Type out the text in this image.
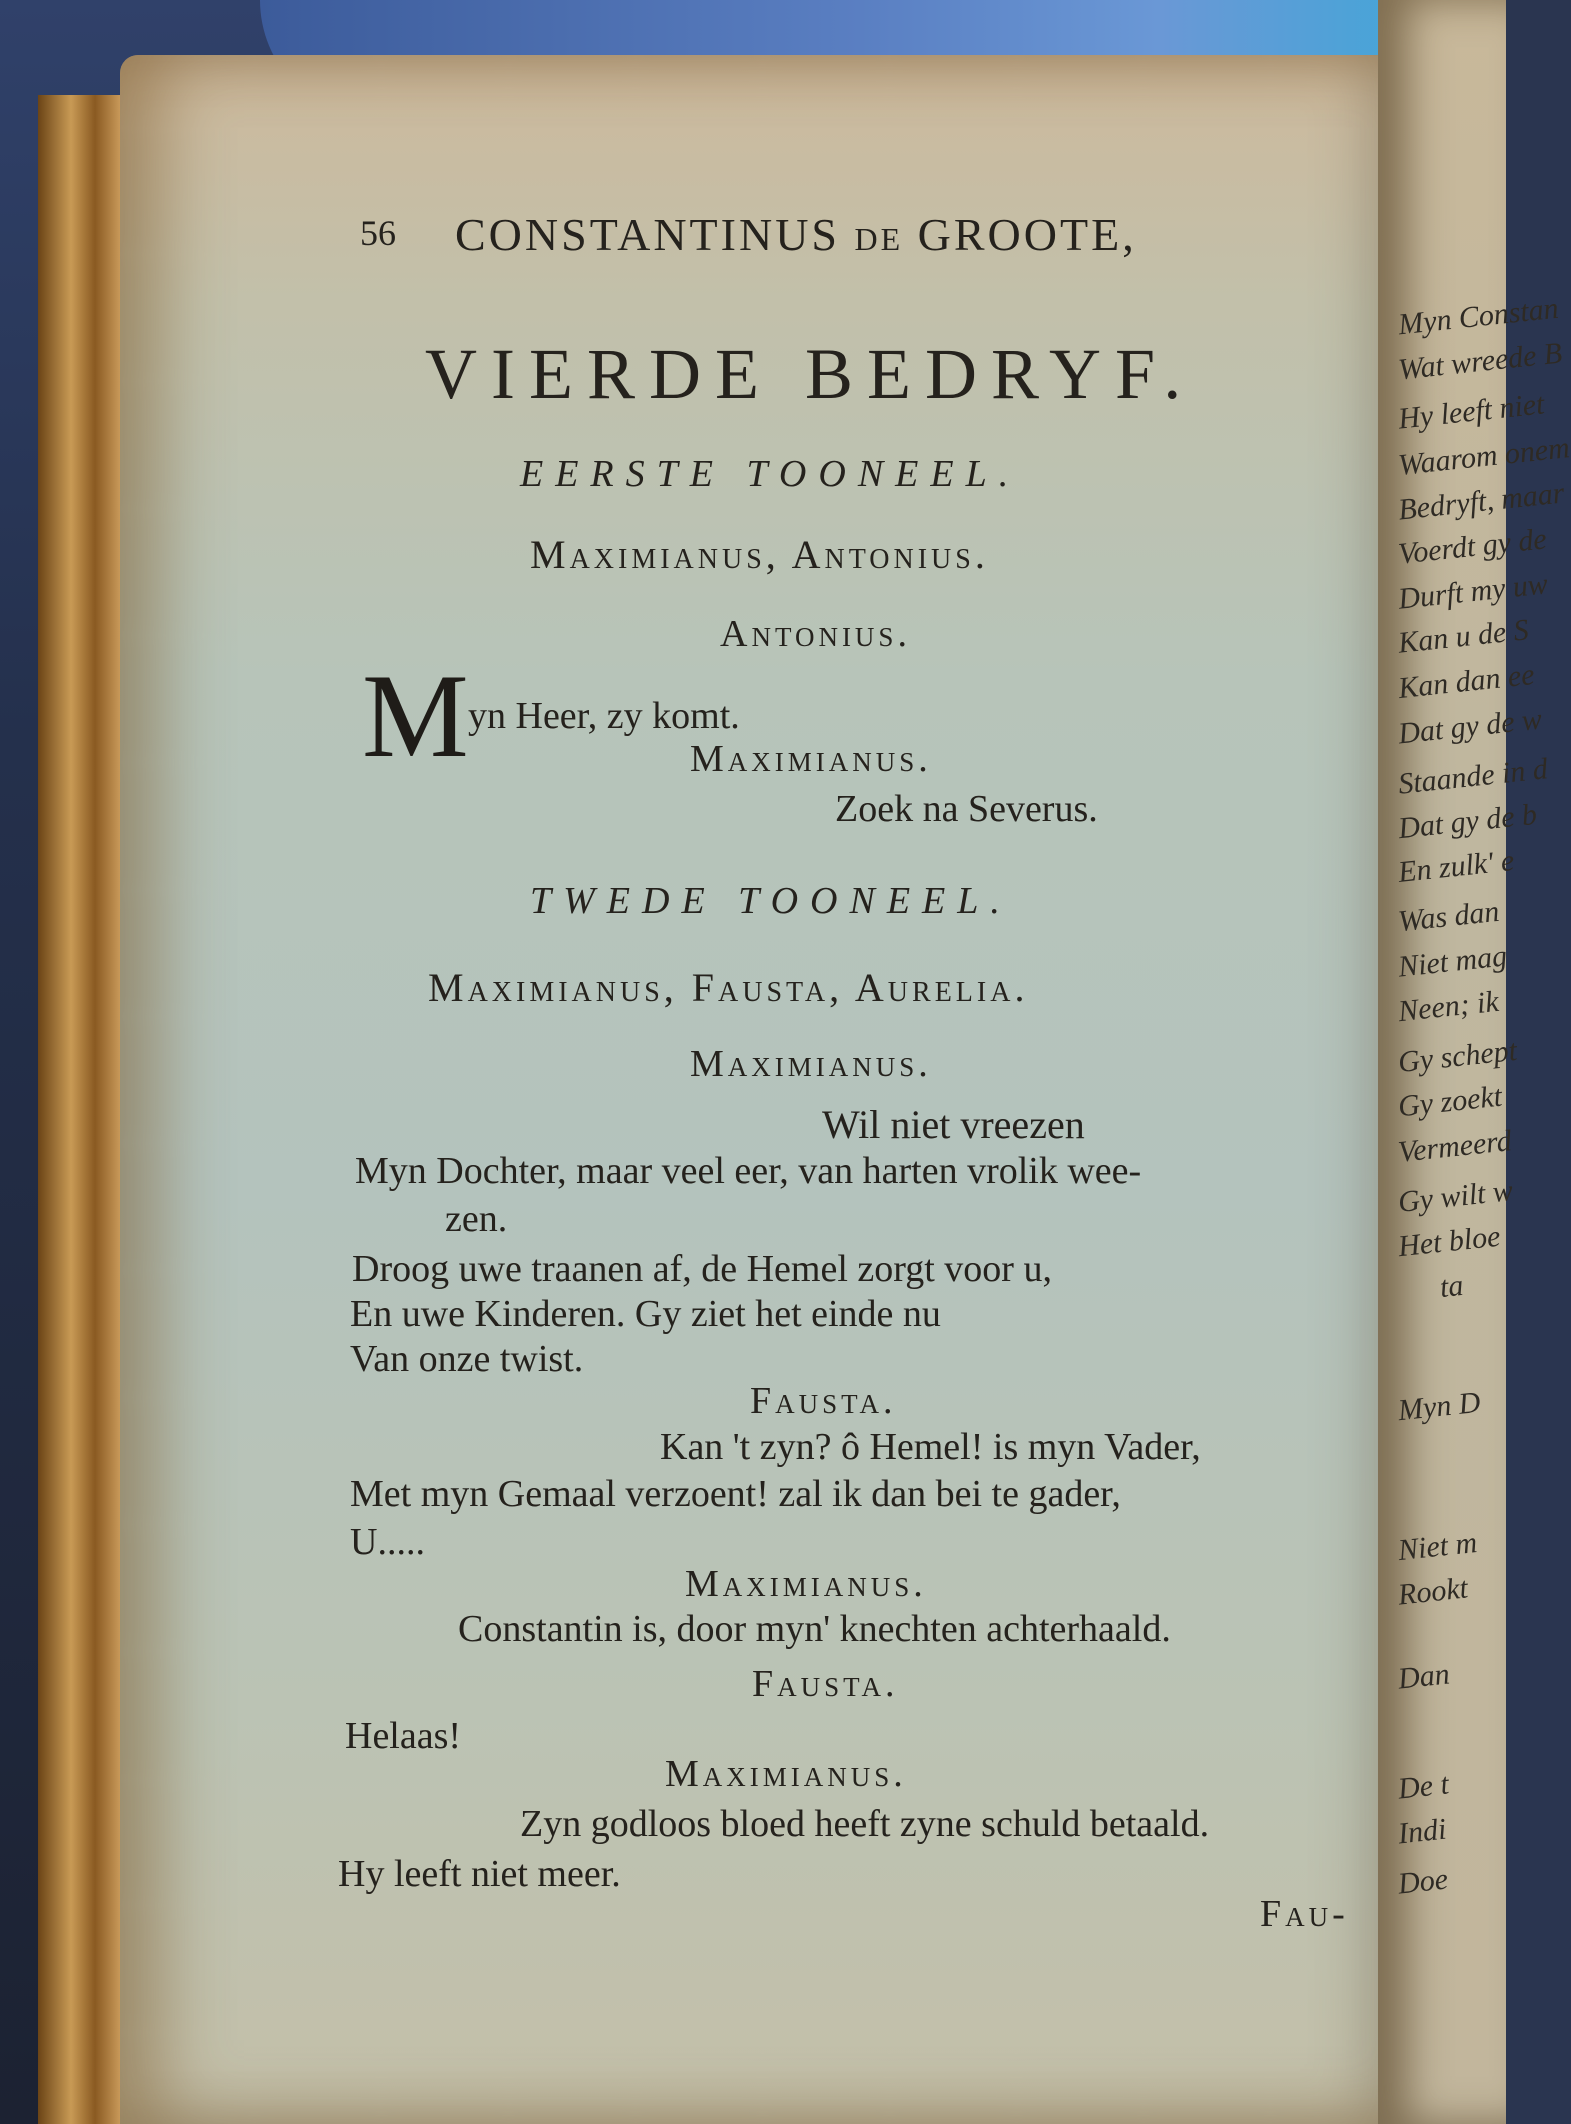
Myn Constan
Wat wreede B
Hy leeft niet
Waarom onem
Bedryft, maar
Voerdt gy de
Durft my uw
Kan u de S
Kan dan ee
Dat gy de w
Staande in d
Dat gy de b
En zulk' e
Was dan
Niet mag
Neen; ik
Gy schept
Gy zoekt
Vermeerd
Gy wilt w
Het bloe
ta
Myn D
Niet m
Rookt
Dan
De t
Indi
Doe
56 CONSTANTINUS de GROOTE,
VIERDE BEDRYF.
EERSTE TOONEEL.
Maximianus, Antonius.
Antonius.
M yn Heer, zy komt.
Maximianus.
Zoek na Severus.
TWEDE TOONEEL.
Maximianus, Fausta, Aurelia.
Maximianus.
Wil niet vreezen
Myn Dochter, maar veel eer, van harten vrolik wee-
zen.
Droog uwe traanen af, de Hemel zorgt voor u,
En uwe Kinderen. Gy ziet het einde nu
Van onze twist.
Fausta.
Kan 't zyn? ô Hemel! is myn Vader,
Met myn Gemaal verzoent! zal ik dan bei te gader,
U.....
Maximianus.
Constantin is, door myn' knechten achterhaald.
Fausta.
Helaas!
Maximianus.
Zyn godloos bloed heeft zyne schuld betaald.
Hy leeft niet meer.
Fau-
